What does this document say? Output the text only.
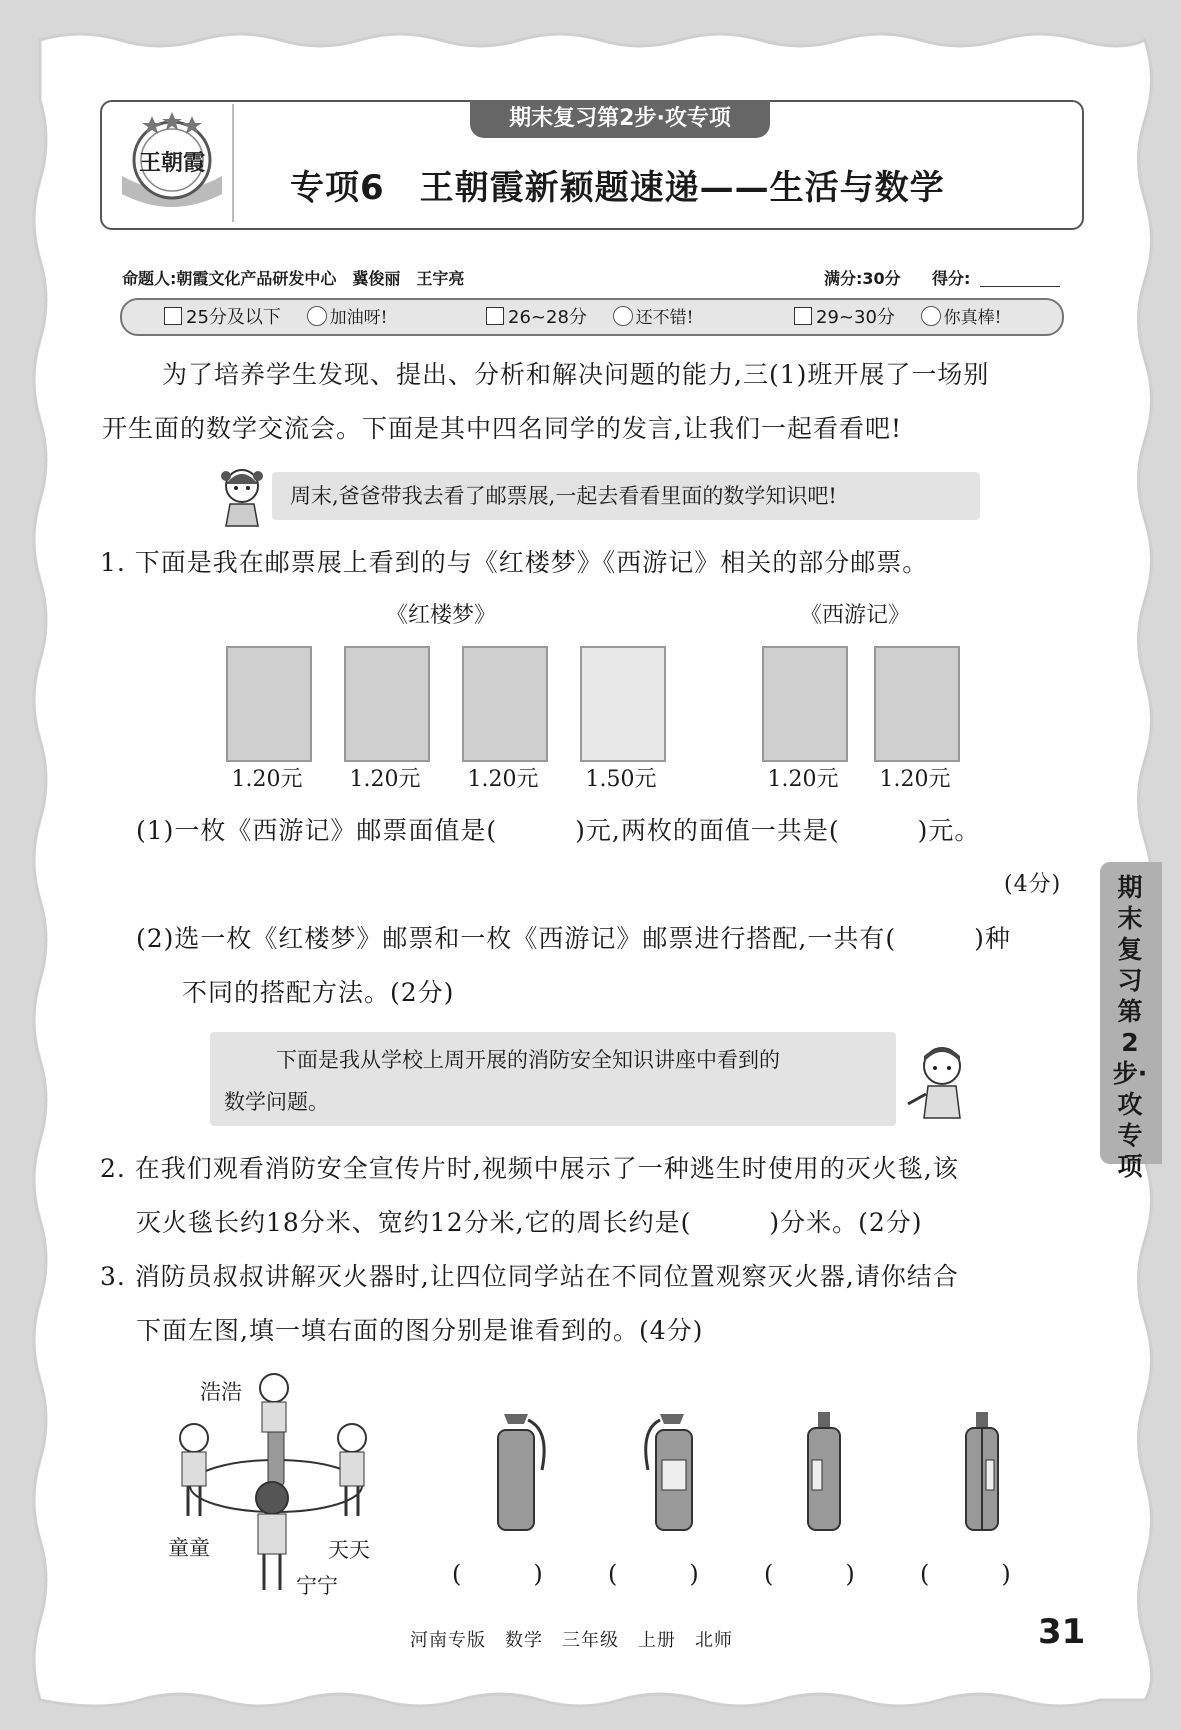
期末复习第2步·攻专项
王朝霞
专项6　王朝霞新颖题速递——生活与数学
命题人:朝霞文化产品研发中心　冀俊丽　王宇亮	满分:30分 得分:
25分及以下	加油呀!	26~28分	还不错!	29~30分	你真棒!
为了培养学生发现、提出、分析和解决问题的能力,三(1)班开展了一场别
开生面的数学交流会。下面是其中四名同学的发言,让我们一起看看吧!
周末,爸爸带我去看了邮票展,一起去看看里面的数学知识吧!
1. 下面是我在邮票展上看到的与《红楼梦》《西游记》相关的部分邮票。
《红楼梦》	《西游记》
1.20元	1.20元	1.20元	1.50元	1.20元	1.20元
(1)一枚《西游记》邮票面值是(　　　)元,两枚的面值一共是(　　　)元。
(4分)
(2)选一枚《红楼梦》邮票和一枚《西游记》邮票进行搭配,一共有(　　　)种
不同的搭配方法。(2分)
下面是我从学校上周开展的消防安全知识讲座中看到的
数学问题。
2. 在我们观看消防安全宣传片时,视频中展示了一种逃生时使用的灭火毯,该
灭火毯长约18分米、宽约12分米,它的周长约是(　　　)分米。(2分)
3. 消防员叔叔讲解灭火器时,让四位同学站在不同位置观察灭火器,请你结合
下面左图,填一填右面的图分别是谁看到的。(4分)
浩浩
童童	天天
宁宁	(　　　)	(　　　)	(　　　)	(　　　)
期末复习第2步·攻专项
河南专版　数学　三年级　上册　北师	31
